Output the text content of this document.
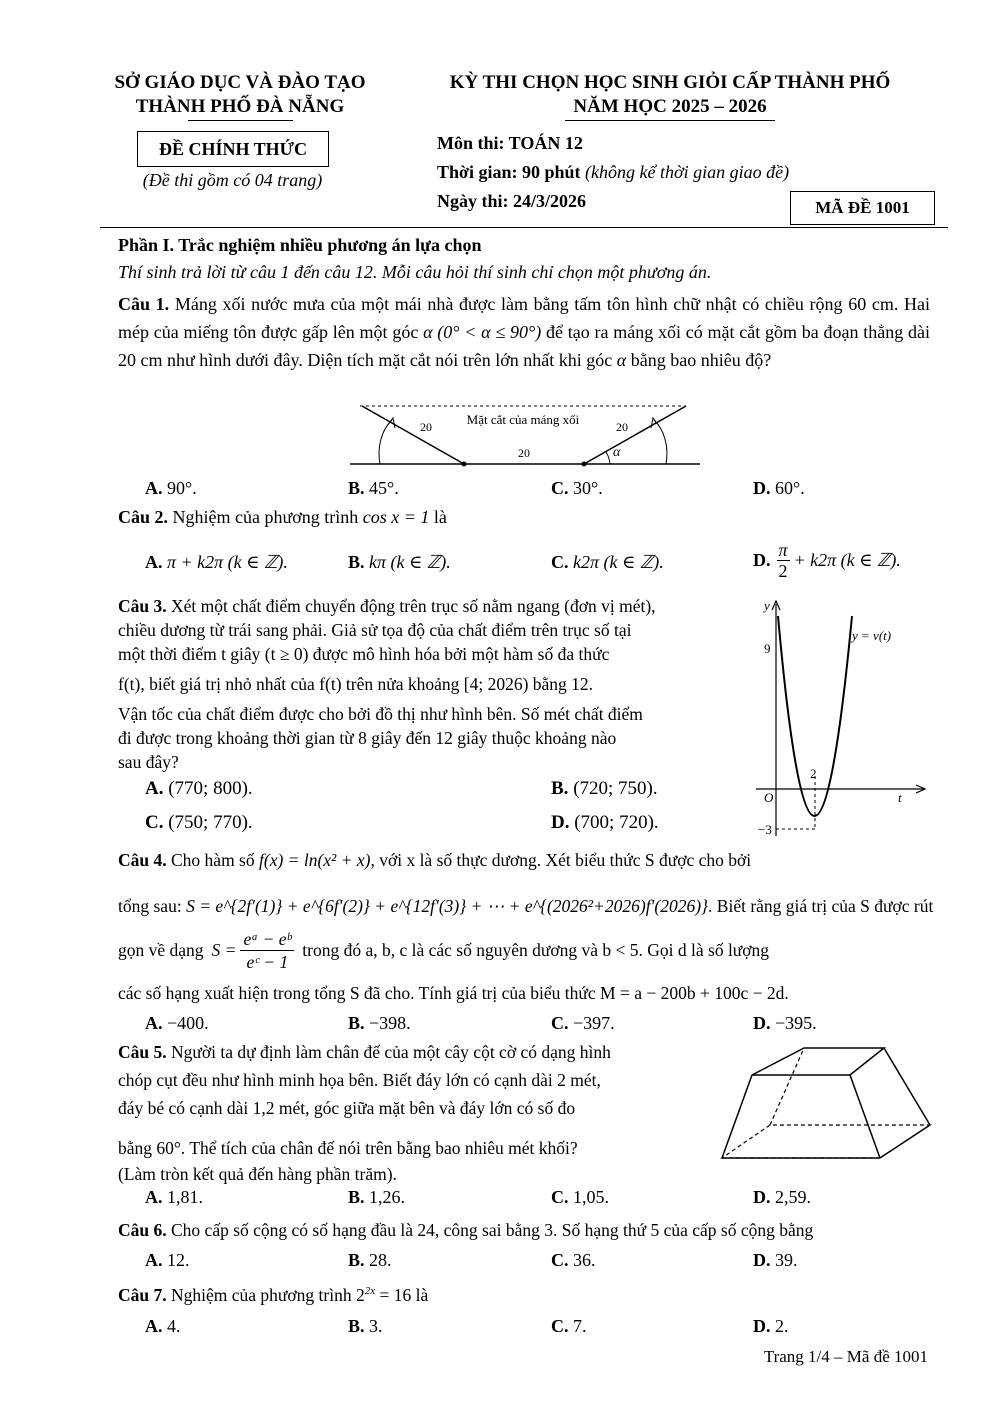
SỞ GIÁO DỤC VÀ ĐÀO TẠO
THÀNH PHỐ ĐÀ NẴNG
ĐỀ CHÍNH THỨC
(Đề thi gồm có 04 trang)
KỲ THI CHỌN HỌC SINH GIỎI CẤP THÀNH PHỐ
NĂM HỌC 2025 – 2026
Môn thi: TOÁN 12
Thời gian: 90 phút (không kể thời gian giao đề)
Ngày thi: 24/3/2026	MÃ ĐỀ 1001
Phần I. Trắc nghiệm nhiều phương án lựa chọn
Thí sinh trả lời từ câu 1 đến câu 12. Mỗi câu hỏi thí sinh chỉ chọn một phương án.
Câu 1. Máng xối nước mưa của một mái nhà được làm bằng tấm tôn hình chữ nhật có chiều rộng 60 cm. Hai mép của miếng tôn được gấp lên một góc α (0° < α ≤ 90°) để tạo ra máng xối có mặt cắt gồm ba đoạn thẳng dài 20 cm như hình dưới đây. Diện tích mặt cắt nói trên lớn nhất khi góc α bằng bao nhiêu độ?
Mặt cắt của máng xối
20	20
20	α
A. 90°.	B. 45°.	C. 30°.	D. 60°.
Câu 2. Nghiệm của phương trình cos x = 1 là
A. π + k2π (k ∈ ℤ).	B. kπ (k ∈ ℤ).	C. k2π (k ∈ ℤ).	D. π
2
+ k2π (k ∈ ℤ).
Câu 3. Xét một chất điểm chuyển động trên trục số nằm ngang (đơn vị mét),
chiều dương từ trái sang phải. Giả sử tọa độ của chất điểm trên trục số tại
một thời điểm t giây (t ≥ 0) được mô hình hóa bởi một hàm số đa thức
f(t), biết giá trị nhỏ nhất của f(t) trên nửa khoảng [4; 2026) bằng 12.
Vận tốc của chất điểm được cho bởi đồ thị như hình bên. Số mét chất điểm
đi được trong khoảng thời gian từ 8 giây đến 12 giây thuộc khoảng nào
sau đây?
y
t
O
y = v(t)
9
−3
2
A. (770; 800).	B. (720; 750).
C. (750; 770).	D. (700; 720).
Câu 4. Cho hàm số f(x) = ln(x² + x), với x là số thực dương. Xét biểu thức S được cho bởi
tổng sau: S = e^{2f′(1)} + e^{6f′(2)} + e^{12f′(3)} + ⋯ + e^{(2026²+2026)f′(2026)}. Biết rằng giá trị của S được rút
gọn về dạng $S = \frac{\text{eᵃ − eᵇ}}{\text{eᶜ − 1}}$ trong đó a, b, c là các số nguyên dương và b < 5. Gọi d là số lượng
các số hạng xuất hiện trong tổng S đã cho. Tính giá trị của biểu thức M = a − 200b + 100c − 2d.
A. −400.	B. −398.	C. −397.	D. −395.
Câu 5. Người ta dự định làm chân đế của một cây cột cờ có dạng hình
chóp cụt đều như hình minh họa bên. Biết đáy lớn có cạnh dài 2 mét,
đáy bé có cạnh dài 1,2 mét, góc giữa mặt bên và đáy lớn có số đo
bằng 60°. Thể tích của chân đế nói trên bằng bao nhiêu mét khối?
(Làm tròn kết quả đến hàng phần trăm).
A. 1,81.	B. 1,26.	C. 1,05.	D. 2,59.
Câu 6. Cho cấp số cộng có số hạng đầu là 24, công sai bằng 3. Số hạng thứ 5 của cấp số cộng bằng
A. 12.	B. 28.	C. 36.	D. 39.
Câu 7. Nghiệm của phương trình $2^{2x} = 16$ là
A. 4.	B. 3.	C. 7.	D. 2.
Trang 1/4 – Mã đề 1001
